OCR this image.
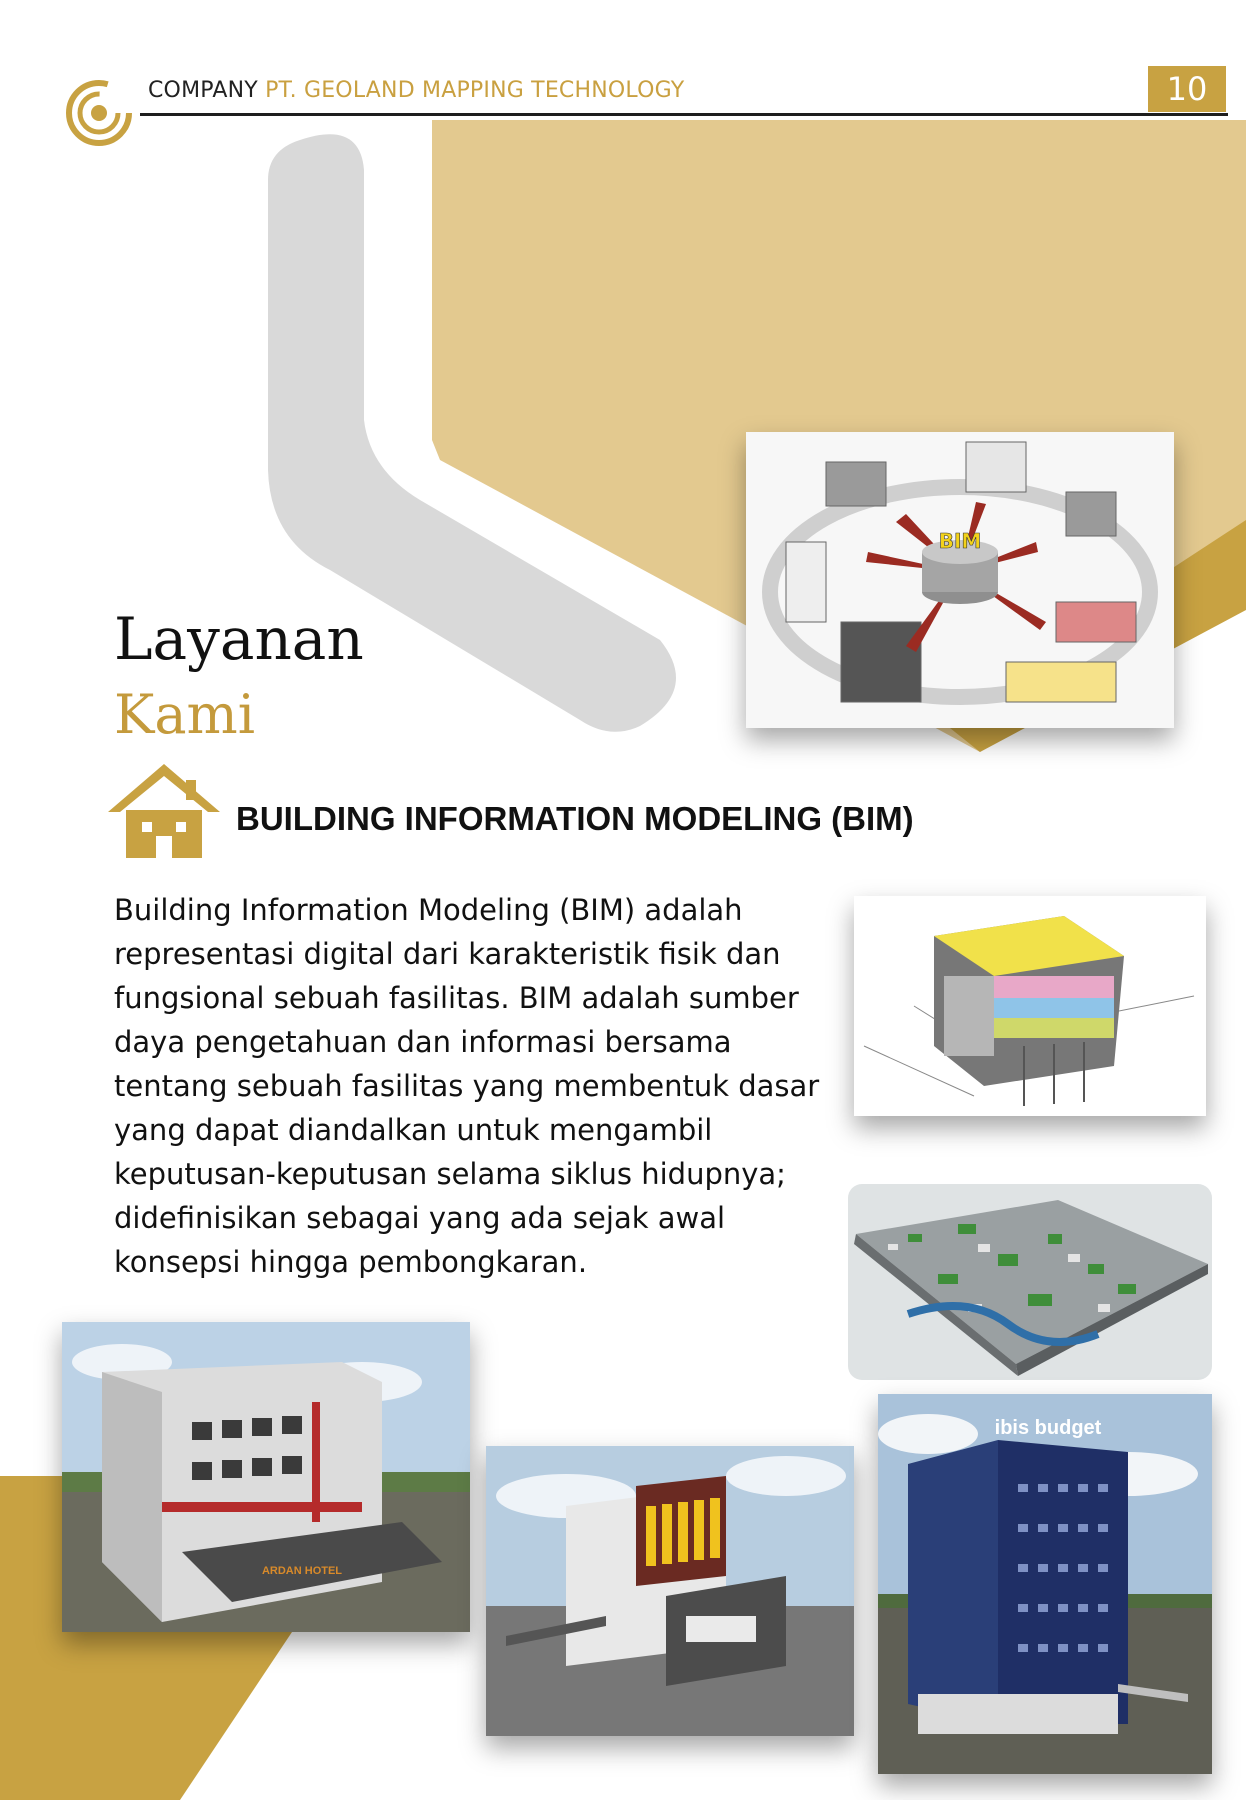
COMPANY PT. GEOLAND MAPPING TECHNOLOGY	10
Layanan
Kami
BIM
BUILDING INFORMATION MODELING (BIM)
Building Information Modeling (BIM) adalah
representasi digital dari karakteristik fisik dan
fungsional sebuah fasilitas. BIM adalah sumber
daya pengetahuan dan informasi bersama
tentang sebuah fasilitas yang membentuk dasar
yang dapat diandalkan untuk mengambil
keputusan-keputusan selama siklus hidupnya;
didefinisikan sebagai yang ada sejak awal
konsepsi hingga pembongkaran.
ARDAN HOTEL
ibis budget
